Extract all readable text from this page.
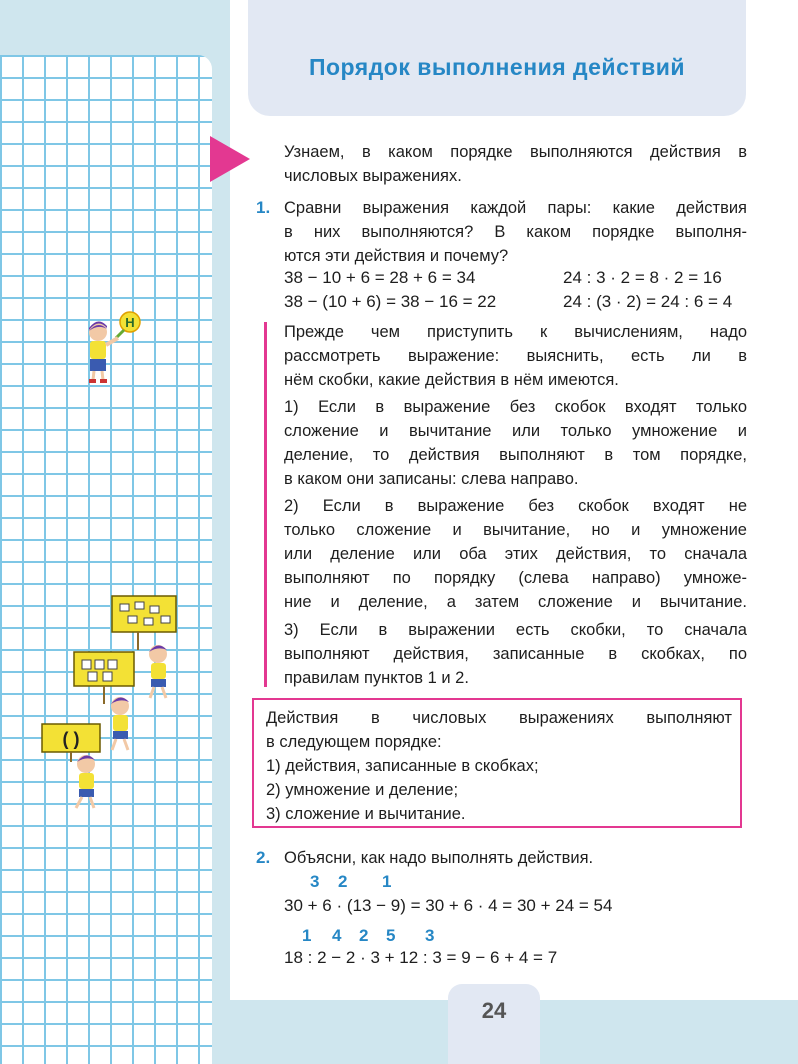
Порядок выполнения действий

Узнаем, в каком порядке выполняются действия в

числовых выражениях.

1. Сравни выражения каждой пары: какие действия

в них выполняются? В каком порядке выполня-

ются эти действия и почему?

38 − 10 + 6 = 28 + 6 = 34	24 : 3 · 2 = 8 · 2 = 16
38 − (10 + 6) = 38 − 16 = 22	24 : (3 · 2) = 24 : 6 = 4

Прежде чем приступить к вычислениям, надо

рассмотреть выражение: выяснить, есть ли в

нём скобки, какие действия в нём имеются.

1) Если в выражение без скобок входят только

сложение и вычитание или только умножение и

деление, то действия выполняют в том порядке,

в каком они записаны: слева направо.

2) Если в выражение без скобок входят не

только сложение и вычитание, но и умножение

или деление или оба этих действия, то сначала

выполняют по порядку (слева направо) умноже-

ние и деление, а затем сложение и вычитание.

3) Если в выражении есть скобки, то сначала

выполняют действия, записанные в скобках, по

правилам пунктов 1 и 2.

Действия в числовых выражениях выполняют

в следующем порядке:

1) действия, записанные в скобках;

2) умножение и деление;

3) сложение и вычитание.

2. Объясни, как надо выполнять действия.

3 2 1
30 + 6 · (13 − 9) = 30 + 6 · 4 = 30 + 24 = 54
1 4 2 5 3
18 : 2 − 2 · 3 + 12 : 3 = 9 − 6 + 4 = 7

24

Н
( )
